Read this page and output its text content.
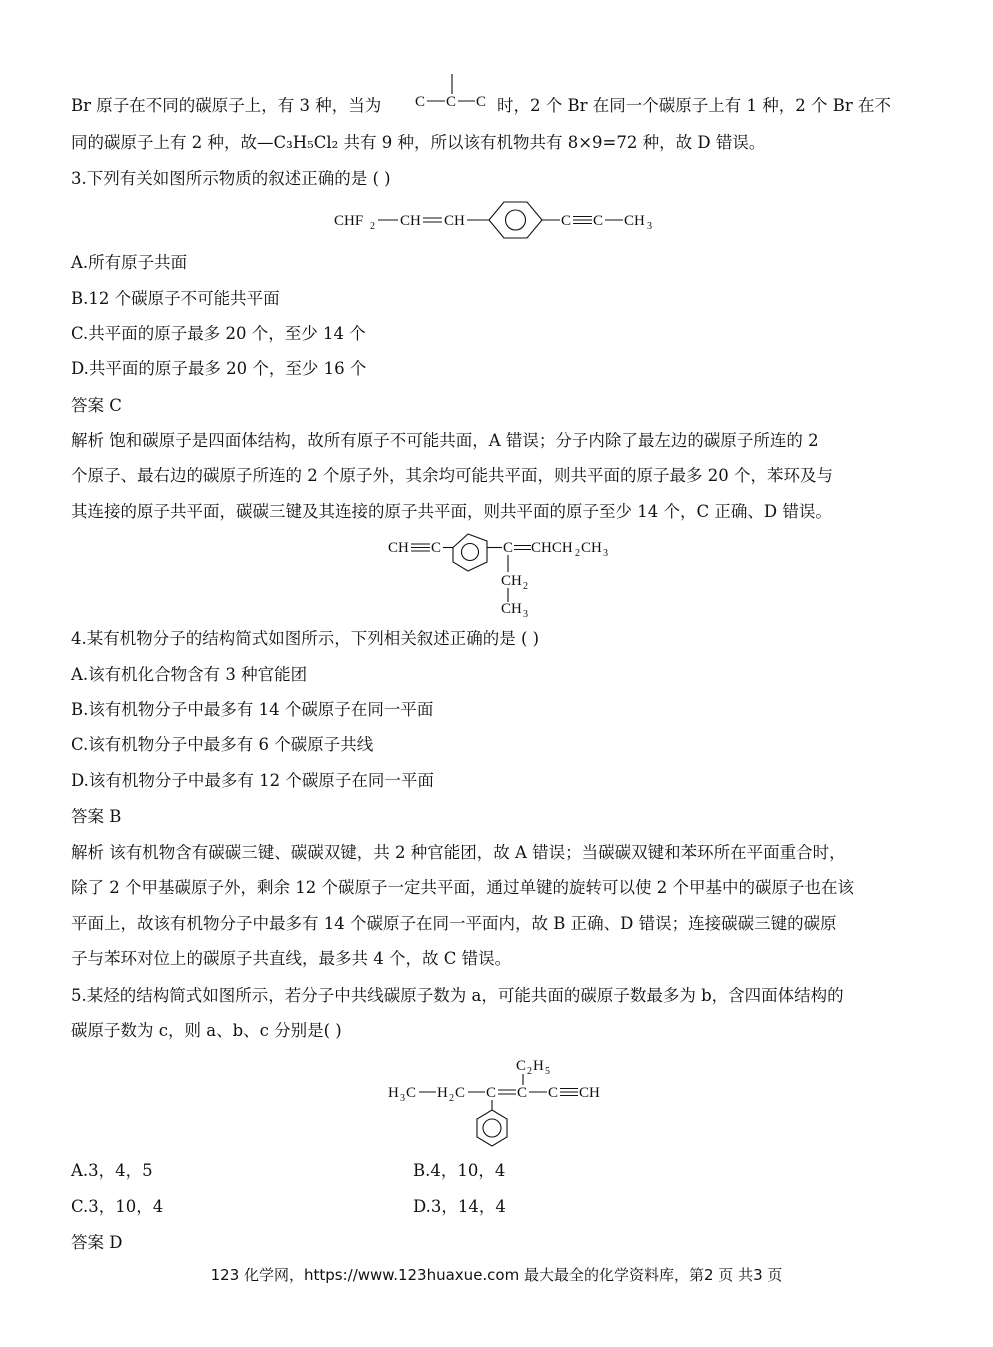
Br 原子在不同的碳原子上，有 3 种，当为	时，2 个 Br 在同一个碳原子上有 1 种，2 个 Br 在不
C C C
同的碳原子上有 2 种，故—C₃H₅Cl₂ 共有 9 种，所以该有机物共有 8×9=72 种，故 D 错误。
3.下列有关如图所示物质的叙述正确的是 ( )
CHF 2 CH CH	C C CH 3
A.所有原子共面
B.12 个碳原子不可能共平面
C.共平面的原子最多 20 个，至少 14 个
D.共平面的原子最多 20 个，至少 16 个
答案 C
解析 饱和碳原子是四面体结构，故所有原子不可能共面，A 错误；分子内除了最左边的碳原子所连的 2
个原子、最右边的碳原子所连的 2 个原子外，其余均可能共平面，则共平面的原子最多 20 个，苯环及与
其连接的原子共平面，碳碳三键及其连接的原子共平面，则共平面的原子至少 14 个，C 正确、D 错误。
CH C	C CHCH 2 CH 3
CH 2
CH 3
4.某有机物分子的结构简式如图所示，下列相关叙述正确的是 ( )
A.该有机化合物含有 3 种官能团
B.该有机物分子中最多有 14 个碳原子在同一平面
C.该有机物分子中最多有 6 个碳原子共线
D.该有机物分子中最多有 12 个碳原子在同一平面
答案 B
解析 该有机物含有碳碳三键、碳碳双键，共 2 种官能团，故 A 错误；当碳碳双键和苯环所在平面重合时，
除了 2 个甲基碳原子外，剩余 12 个碳原子一定共平面，通过单键的旋转可以使 2 个甲基中的碳原子也在该
平面上，故该有机物分子中最多有 14 个碳原子在同一平面内，故 B 正确、D 错误；连接碳碳三键的碳原
子与苯环对位上的碳原子共直线，最多共 4 个，故 C 错误。
5.某烃的结构简式如图所示，若分子中共线碳原子数为 a，可能共面的碳原子数最多为 b，含四面体结构的
碳原子数为 c，则 a、b、c 分别是( )
C 2 H 5
H 3 C H 2 C C C C CH
A.3，4，5	B.4，10，4
C.3，10，4	D.3，14，4
答案 D
123 化学网，https://www.123huaxue.com 最大最全的化学资料库，第2 页 共3 页
